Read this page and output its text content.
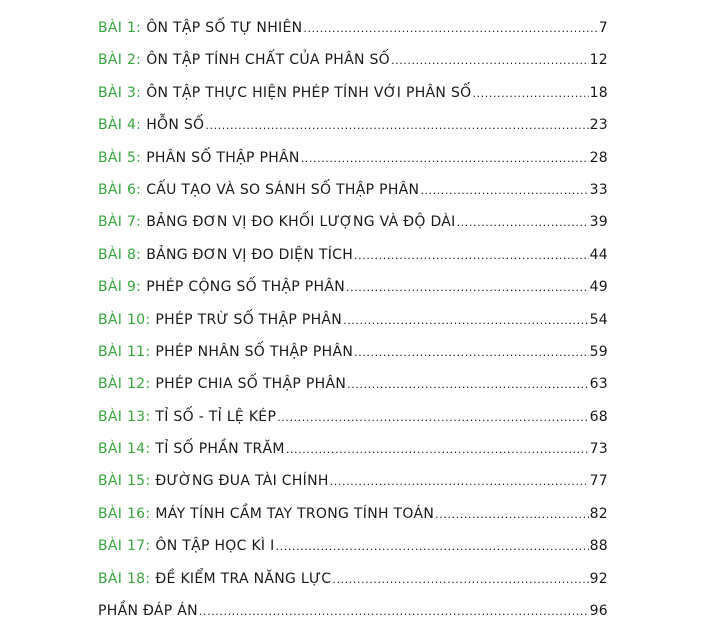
BÀI 1: ÔN TẬP SỐ TỰ NHIÊN .....	7
BÀI 2: ÔN TẬP TÍNH CHẤT CỦA PHÂN SỐ .....	12
BÀI 3: ÔN TẬP THỰC HIỆN PHÉP TÍNH VỚI PHÂN SỐ .....	18
BÀI 4: HỖN SỐ .....	23
BÀI 5: PHÂN SỐ THẬP PHÂN .....	28
BÀI 6: CẤU TẠO VÀ SO SÁNH SỐ THẬP PHÂN .....	33
BÀI 7: BẢNG ĐƠN VỊ ĐO KHỐI LƯỢNG VÀ ĐỘ DÀI .....	39
BÀI 8: BẢNG ĐƠN VỊ ĐO DIỆN TÍCH .....	44
BÀI 9: PHÉP CỘNG SỐ THẬP PHÂN .....	49
BÀI 10: PHÉP TRỪ SỐ THẬP PHÂN .....	54
BÀI 11: PHÉP NHÂN SỐ THẬP PHÂN .....	59
BÀI 12: PHÉP CHIA SỐ THẬP PHÂN .....	63
BÀI 13: TỈ SỐ - TỈ LỆ KÉP .....	68
BÀI 14: TỈ SỐ PHẦN TRĂM .....	73
BÀI 15: ĐƯỜNG ĐUA TÀI CHÍNH .....	77
BÀI 16: MÁY TÍNH CẦM TAY TRONG TÍNH TOÁN .....	82
BÀI 17: ÔN TẬP HỌC KÌ I .....	88
BÀI 18: ĐỀ KIỂM TRA NĂNG LỰC .....	92
PHẦN ĐÁP ÁN .....	96
